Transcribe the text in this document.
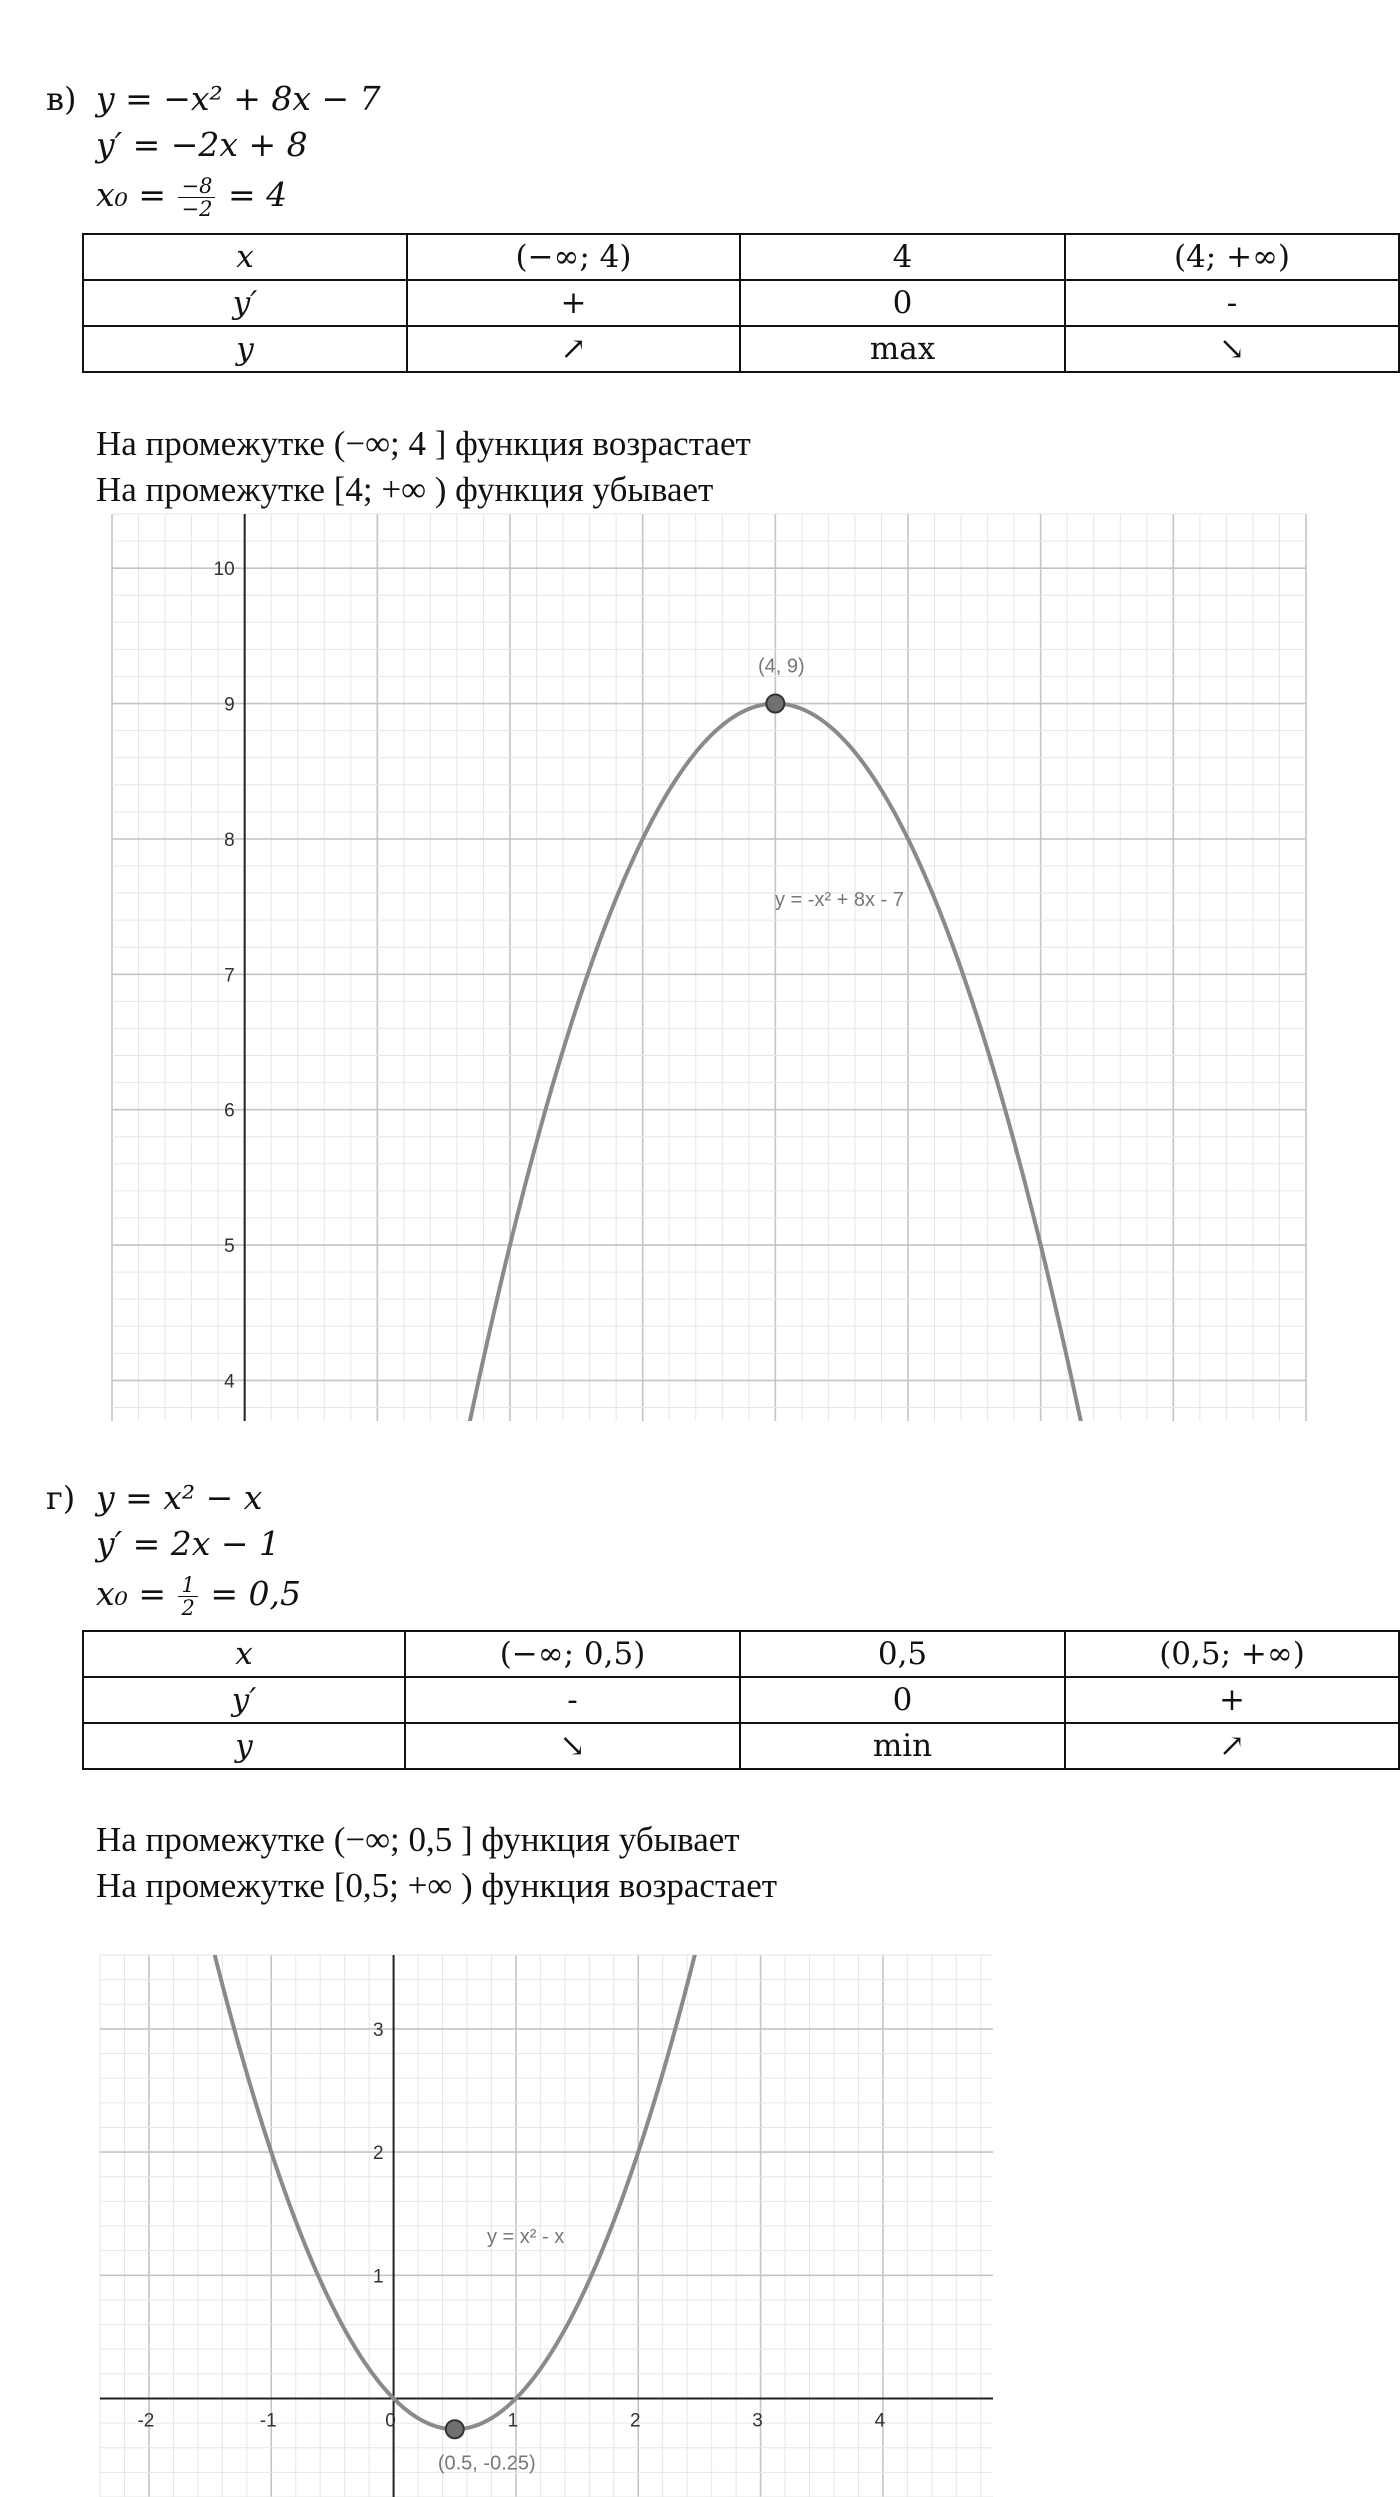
в) y = −x² + 8x − 7
y′ = −2x + 8
$x_0 = \frac{-8}{-2} = 4$
x	(−∞; 4)	4	(4; +∞)
y′	+	0	-
y	↗	max	↘
На промежутке (−∞; 4 ] функция возрастает
На промежутке [4; +∞ ) функция убывает
4
5
6
7
8
9
10
(4, 9)
y = -x² + 8x - 7
г) y = x² − x
y′ = 2x − 1
$x_0 = \frac{1}{2} = 0,5$
x	(−∞; 0,5)	0,5	(0,5; +∞)
y′	-	0	+
y	↘	min	↗
На промежутке (−∞; 0,5 ] функция убывает
На промежутке [0,5; +∞ ) функция возрастает
1
2
3
-2	-1	0	1	2	3	4
(0.5, -0.25)
y = x² - x
